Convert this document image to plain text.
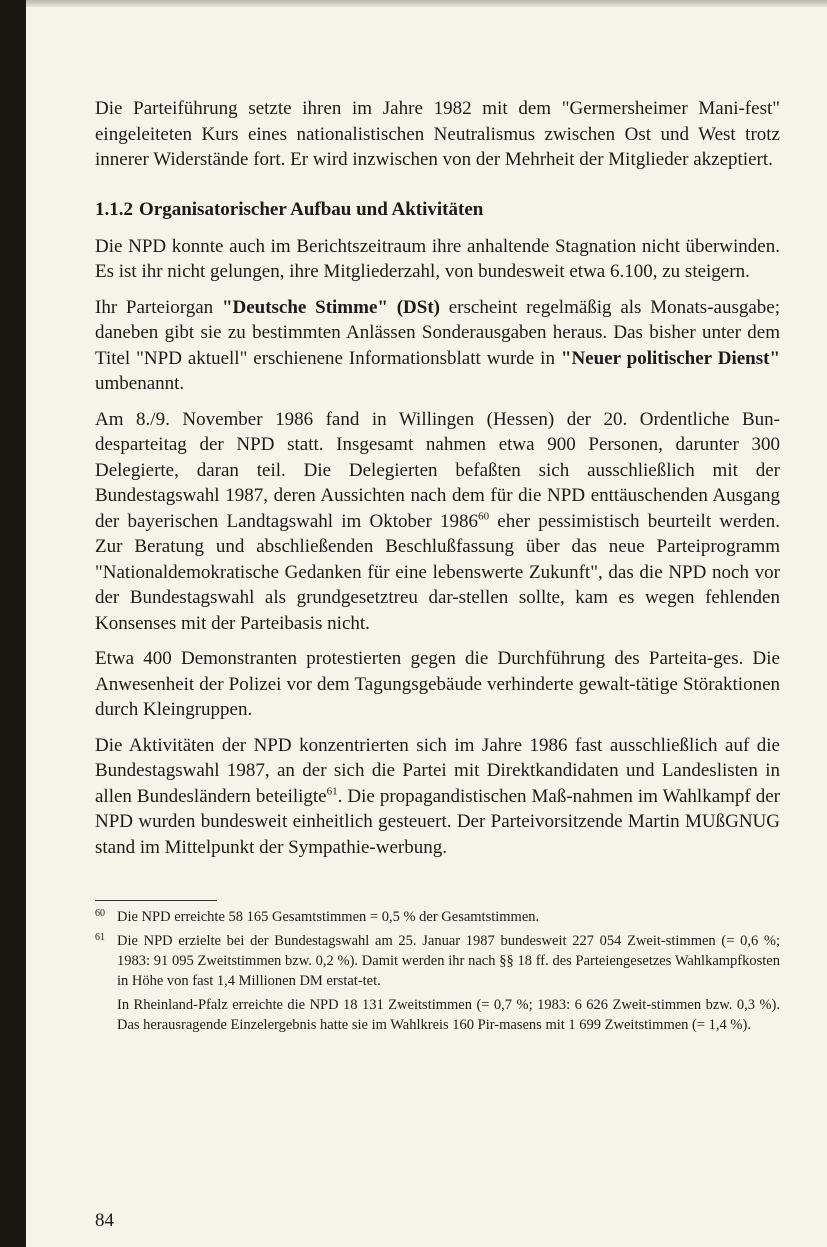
Die Parteiführung setzte ihren im Jahre 1982 mit dem "Germersheimer Mani-fest" eingeleiteten Kurs eines nationalistischen Neutralismus zwischen Ost und West trotz innerer Widerstände fort. Er wird inzwischen von der Mehrheit der Mitglieder akzeptiert.

1.1.2 Organisatorischer Aufbau und Aktivitäten

Die NPD konnte auch im Berichtszeitraum ihre anhaltende Stagnation nicht überwinden. Es ist ihr nicht gelungen, ihre Mitgliederzahl, von bundesweit etwa 6.100, zu steigern.

Ihr Parteiorgan "Deutsche Stimme" (DSt) erscheint regelmäßig als Monats-ausgabe; daneben gibt sie zu bestimmten Anlässen Sonderausgaben heraus. Das bisher unter dem Titel "NPD aktuell" erschienene Informationsblatt wurde in "Neuer politischer Dienst" umbenannt.

Am 8./9. November 1986 fand in Willingen (Hessen) der 20. Ordentliche Bun-desparteitag der NPD statt. Insgesamt nahmen etwa 900 Personen, darunter 300 Delegierte, daran teil. Die Delegierten befaßten sich ausschließlich mit der Bundestagswahl 1987, deren Aussichten nach dem für die NPD enttäuschenden Ausgang der bayerischen Landtagswahl im Oktober 1986$^{60}$ eher pessimistisch beurteilt werden. Zur Beratung und abschließenden Beschlußfassung über das neue Parteiprogramm "Nationaldemokratische Gedanken für eine lebenswerte Zukunft", das die NPD noch vor der Bundestagswahl als grundgesetztreu dar-stellen sollte, kam es wegen fehlenden Konsenses mit der Parteibasis nicht.

Etwa 400 Demonstranten protestierten gegen die Durchführung des Parteita-ges. Die Anwesenheit der Polizei vor dem Tagungsgebäude verhinderte gewalt-tätige Störaktionen durch Kleingruppen.

Die Aktivitäten der NPD konzentrierten sich im Jahre 1986 fast ausschließlich auf die Bundestagswahl 1987, an der sich die Partei mit Direktkandidaten und Landeslisten in allen Bundesländern beteiligte$^{61}$. Die propagandistischen Maß-nahmen im Wahlkampf der NPD wurden bundesweit einheitlich gesteuert. Der Parteivorsitzende Martin MUßGNUG stand im Mittelpunkt der Sympathie-werbung.

60 Die NPD erreichte 58 165 Gesamtstimmen = 0,5 % der Gesamtstimmen.
61 Die NPD erzielte bei der Bundestagswahl am 25. Januar 1987 bundesweit 227 054 Zweit-stimmen (= 0,6 %; 1983: 91 095 Zweitstimmen bzw. 0,2 %). Damit werden ihr nach §§ 18 ff. des Parteiengesetzes Wahlkampfkosten in Höhe von fast 1,4 Millionen DM erstat-tet.
In Rheinland-Pfalz erreichte die NPD 18 131 Zweitstimmen (= 0,7 %; 1983: 6 626 Zweit-stimmen bzw. 0,3 %). Das herausragende Einzelergebnis hatte sie im Wahlkreis 160 Pir-masens mit 1 699 Zweitstimmen (= 1,4 %).
84
